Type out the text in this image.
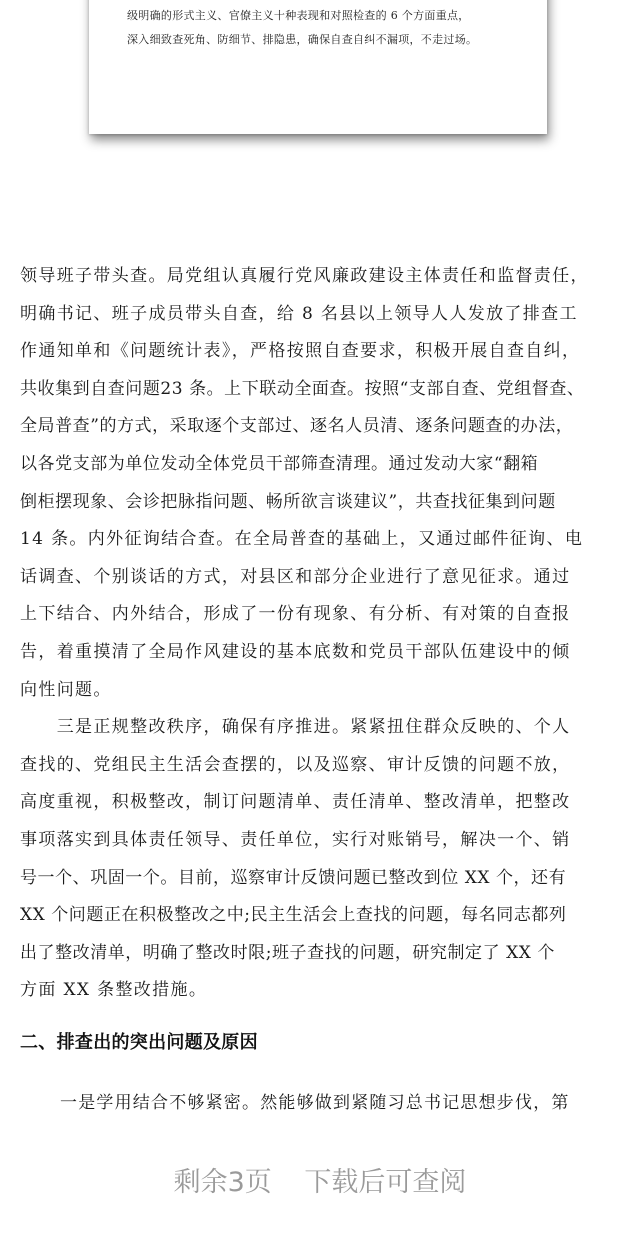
级明确的形式主义、官僚主义十种表现和对照检查的 6 个方面重点，

深入细致查死角、防细节、排隐患，确保自查自纠不漏项，不走过场。

领导班子带头查。局党组认真履行党风廉政建设主体责任和监督责任，

明确书记、班子成员带头自查，给 8 名县以上领导人人发放了排查工

作通知单和《问题统计表》，严格按照自查要求，积极开展自查自纠，

共收集到自查问题23 条。上下联动全面查。按照“支部自查、党组督查、

全局普查”的方式，采取逐个支部过、逐名人员清、逐条问题查的办法，

以各党支部为单位发动全体党员干部筛查清理。通过发动大家“翻箱

倒柜摆现象、会诊把脉指问题、畅所欲言谈建议”，共查找征集到问题

14 条。内外征询结合查。在全局普查的基础上，又通过邮件征询、电

话调查、个别谈话的方式，对县区和部分企业进行了意见征求。通过

上下结合、内外结合，形成了一份有现象、有分析、有对策的自查报

告，着重摸清了全局作风建设的基本底数和党员干部队伍建设中的倾

向性问题。

　　三是正规整改秩序，确保有序推进。紧紧扭住群众反映的、个人

查找的、党组民主生活会查摆的，以及巡察、审计反馈的问题不放，

高度重视，积极整改，制订问题清单、责任清单、整改清单，把整改

事项落实到具体责任领导、责任单位，实行对账销号，解决一个、销

号一个、巩固一个。目前，巡察审计反馈问题已整改到位 XX 个，还有

XX 个问题正在积极整改之中;民主生活会上查找的问题，每名同志都列

出了整改清单，明确了整改时限;班子查找的问题，研究制定了 XX 个

方面 XX 条整改措施。

二、排查出的突出问题及原因

一是学用结合不够紧密。然能够做到紧随习总书记思想步伐，第

剩余3页 下载后可查阅
